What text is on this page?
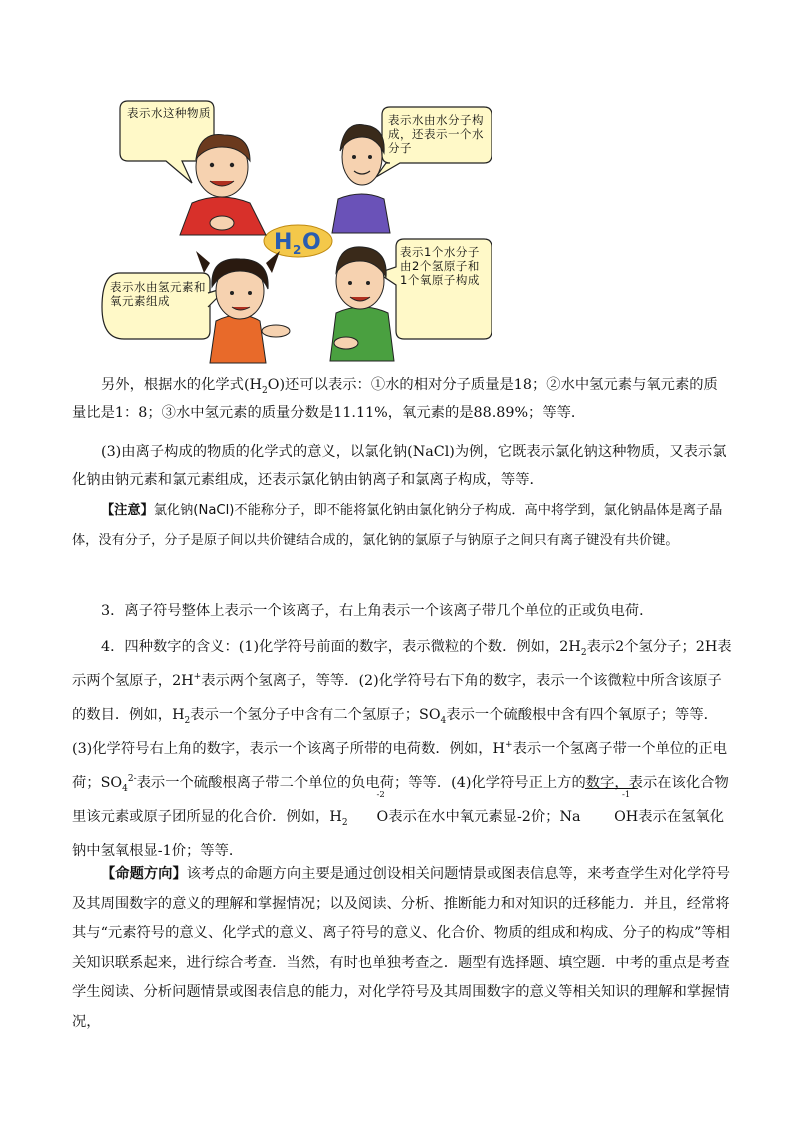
H 2 O
表示水这种物质	表示水由水分子构成，还表示一个水分子
表示水由氢元素和氧元素组成
表示1个水分子由2个氢原子和1个氧原子构成

另外，根据水的化学式$(H_2O)$还可以表示：①水的相对分子质量是18；②水中氢元素与氧元素的质量比是1：8；③水中氢元素的质量分数是11.11%，氧元素的是88.89%；等等．

(3)由离子构成的物质的化学式的意义，以氯化钠(NaCl)为例，它既表示氯化钠这种物质，又表示氯化钠由钠元素和氯元素组成，还表示氯化钠由钠离子和氯离子构成，等等．

【注意】氯化钠(NaCl)不能称分子，即不能将氯化钠由氯化钠分子构成．高中将学到，氯化钠晶体是离子晶体，没有分子，分子是原子间以共价键结合成的，氯化钠的氯原子与钠原子之间只有离子键没有共价键。

3．离子符号整体上表示一个该离子，右上角表示一个该离子带几个单位的正或负电荷．

4．四种数字的含义：(1)化学符号前面的数字，表示微粒的个数．例如，$2H_2$表示2个氢分子；2H表示两个氢原子，2H+表示两个氢离子，等等．(2)化学符号右下角的数字，表示一个该微粒中所含该原子的数目．例如，$H_2$表示一个氢分子中含有二个氢原子；$SO_4$表示一个硫酸根中含有四个氧原子；等等．(3)化学符号右上角的数字，表示一个该离子所带的电荷数．例如，H+表示一个氢离子带一个单位的正电荷；$SO_4^{2-}$表示一个硫酸根离子带二个单位的负电荷；等等．(4)化学符号正上方的数字，表示在该化合物里该元素或原子团所显的化合价．例如，$H_2$
-2
O表示在水中氧元素显-2价；Na
-1
OH表示在氢氧化钠中氢氧根显-1价；等等．

【命题方向】该考点的命题方向主要是通过创设相关问题情景或图表信息等，来考查学生对化学符号及其周围数字的意义的理解和掌握情况；以及阅读、分析、推断能力和对知识的迁移能力．并且，经常将其与“元素符号的意义、化学式的意义、离子符号的意义、化合价、物质的组成和构成、分子的构成”等相关知识联系起来，进行综合考查．当然，有时也单独考查之．题型有选择题、填空题．中考的重点是考查学生阅读、分析问题情景或图表信息的能力，对化学符号及其周围数字的意义等相关知识的理解和掌握情况，
